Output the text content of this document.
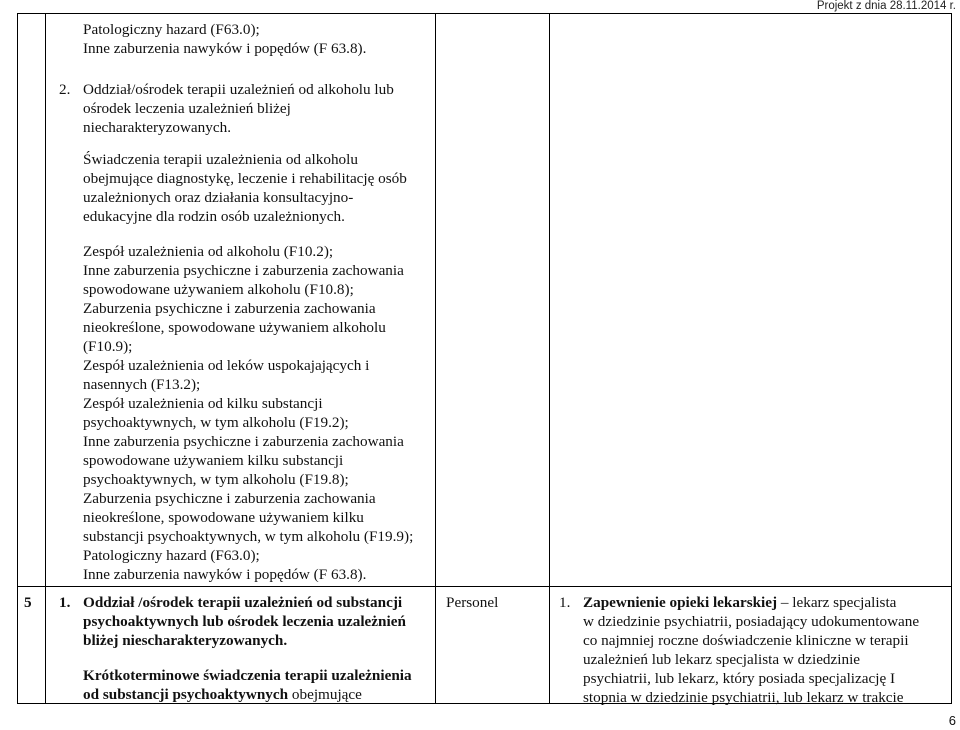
Projekt z dnia 28.11.2014 r.
Patologiczny hazard (F63.0);
Inne zaburzenia nawyków i popędów (F 63.8).
2. Oddział/ośrodek terapii uzależnień od alkoholu lub
ośrodek leczenia uzależnień bliżej
niecharakteryzowanych.
Świadczenia terapii uzależnienia od alkoholu
obejmujące diagnostykę, leczenie i rehabilitację osób
uzależnionych oraz działania konsultacyjno-
edukacyjne dla rodzin osób uzależnionych.
Zespół uzależnienia od alkoholu (F10.2);
Inne zaburzenia psychiczne i zaburzenia zachowania
spowodowane używaniem alkoholu (F10.8);
Zaburzenia psychiczne i zaburzenia zachowania
nieokreślone, spowodowane używaniem alkoholu
(F10.9);
Zespół uzależnienia od leków uspokajających i
nasennych (F13.2);
Zespół uzależnienia od kilku substancji
psychoaktywnych, w tym alkoholu (F19.2);
Inne zaburzenia psychiczne i zaburzenia zachowania
spowodowane używaniem kilku substancji
psychoaktywnych, w tym alkoholu (F19.8);
Zaburzenia psychiczne i zaburzenia zachowania
nieokreślone, spowodowane używaniem kilku
substancji psychoaktywnych, w tym alkoholu (F19.9);
Patologiczny hazard (F63.0);
Inne zaburzenia nawyków i popędów (F 63.8).
5 1. Oddział /ośrodek terapii uzależnień od substancji
psychoaktywnych lub ośrodek leczenia uzależnień
bliżej niescharakteryzowanych.
Krótkoterminowe świadczenia terapii uzależnienia
od substancji psychoaktywnych obejmujące
Personel	1. Zapewnienie opieki lekarskiej – lekarz specjalista
w dziedzinie psychiatrii, posiadający udokumentowane
co najmniej roczne doświadczenie kliniczne w terapii
uzależnień lub lekarz specjalista w dziedzinie
psychiatrii, lub lekarz, który posiada specjalizację I
stopnia w dziedzinie psychiatrii, lub lekarz w trakcie
6
